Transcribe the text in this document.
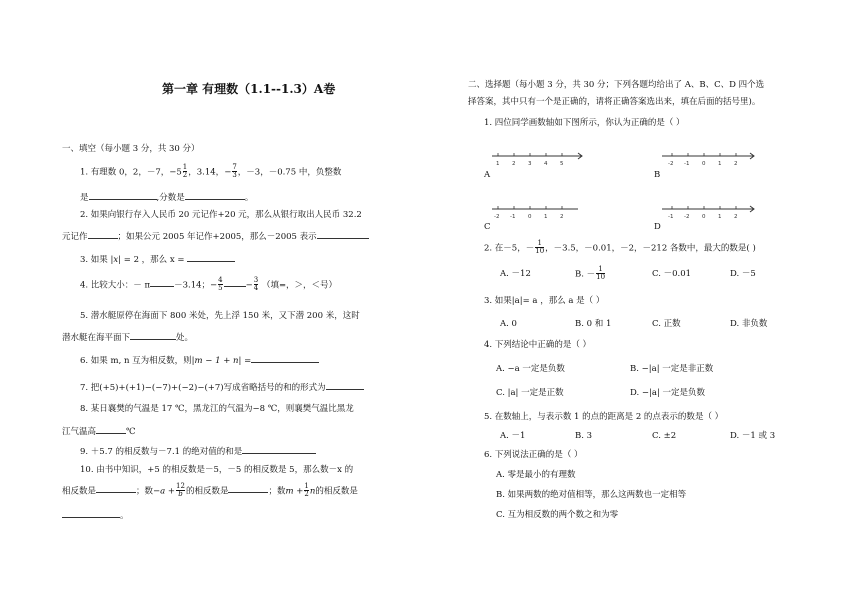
第一章 有理数（1.1--1.3）A卷
一、填空（每小题 3 分，共 30 分）
1. 有理数 0，2，－7，$-5 \frac{1}{2}$ ，3.14，− $\frac{7}{3}$ ，－3，－0.75 中，负整数
是	,分数是	。
2. 如果向银行存入人民币 20 元记作+20 元，那么从银行取出人民币 32.2
元记作	；如果公元 2005 年记作+2005，那么－2005 表示
3. 如果 |x| = 2 ，那么 x =
4. 比较大小：－ π	－3.14；− $\frac{4}{5}$	− $\frac{3}{4}$ （填=，＞，＜号）
5. 潜水艇原停在海面下 800 米处，先上浮 150 米，又下潜 200 米，这时
潜水艇在海平面下	处。
6. 如果 m, n 互为相反数，则|m − 1 + n| =
7. 把(+5)+(+1)−(−7)+(−2)−(+7)写成省略括号的和的形式为
8. 某日襄樊的气温是 17 ℃，黑龙江的气温为−8 ℃，则襄樊气温比黑龙
江气温高	℃
9. ＋5.7 的相反数与－7.1 的绝对值的和是
10. 由书中知识，+5 的相反数是－5，－5 的相反数是 5，那么数－x 的
相反数是	；数$-a + \frac{12}{b}$ 的相反数是	；数$m + \frac{1}{2}$ n的相反数是
。
二、选择题（每小题 3 分，共 30 分；下列各题均给出了 A、B、C、D 四个选
择答案，其中只有一个是正确的，请将正确答案选出来，填在后面的括号里)。
1. 四位同学画数轴如下图所示，你认为正确的是（ ）
1 2 3 4 5
A
-2 -1 0 1 2
B
-2 -1 0 1 2
C
-1 -2 0 1 2
D
2. 在－5，－ $\frac{1}{10}$ ，－3.5，－0.01，－2，－212 各数中，最大的数是( )
A. －12	B. － $\frac{1}{10}$	C. －0.01	D. －5
3. 如果|a|= a ，那么 a 是（ ）
A. 0	B. 0 和 1	C. 正数	D. 非负数
4. 下列结论中正确的是（ ）
A. −a 一定是负数	B. −|a| 一定是非正数
C. |a| 一定是正数	D. −|a| 一定是负数
5. 在数轴上，与表示数 1 的点的距离是 2 的点表示的数是（ ）
A. －1	B. 3	C. ±2	D. －1 或 3
6. 下列说法正确的是（ ）
A. 零是最小的有理数
B. 如果两数的绝对值相等，那么这两数也一定相等
C. 互为相反数的两个数之和为零
